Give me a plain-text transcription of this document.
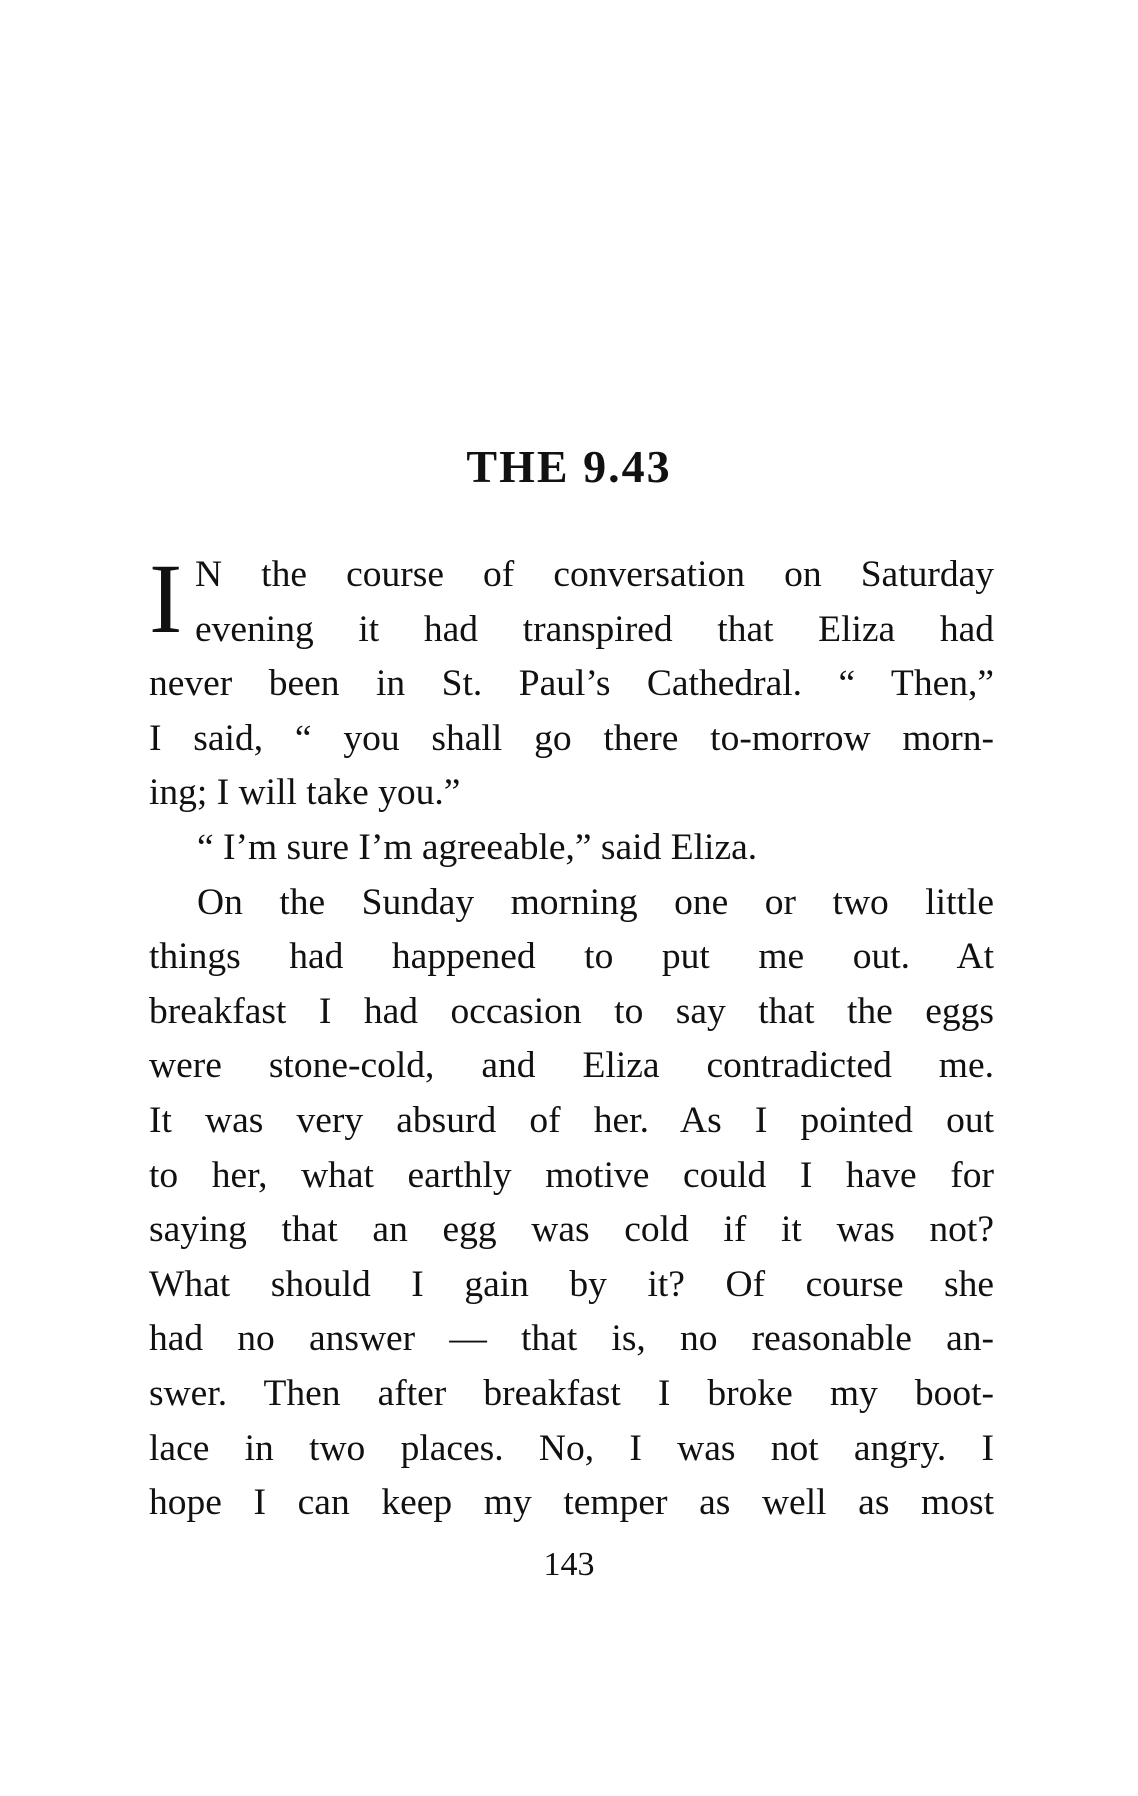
THE 9.43
I N the course of conversation on Saturday
evening it had transpired that Eliza had
never been in St. Paul’s Cathedral. “ Then,”
I said, “ you shall go there to-morrow morn-
ing; I will take you.”
“ I’m sure I’m agreeable,” said Eliza.
On the Sunday morning one or two little
things had happened to put me out. At
breakfast I had occasion to say that the eggs
were stone-cold, and Eliza contradicted me.
It was very absurd of her. As I pointed out
to her, what earthly motive could I have for
saying that an egg was cold if it was not?
What should I gain by it? Of course she
had no answer — that is, no reasonable an-
swer. Then after breakfast I broke my boot-
lace in two places. No, I was not angry. I
hope I can keep my temper as well as most
143
